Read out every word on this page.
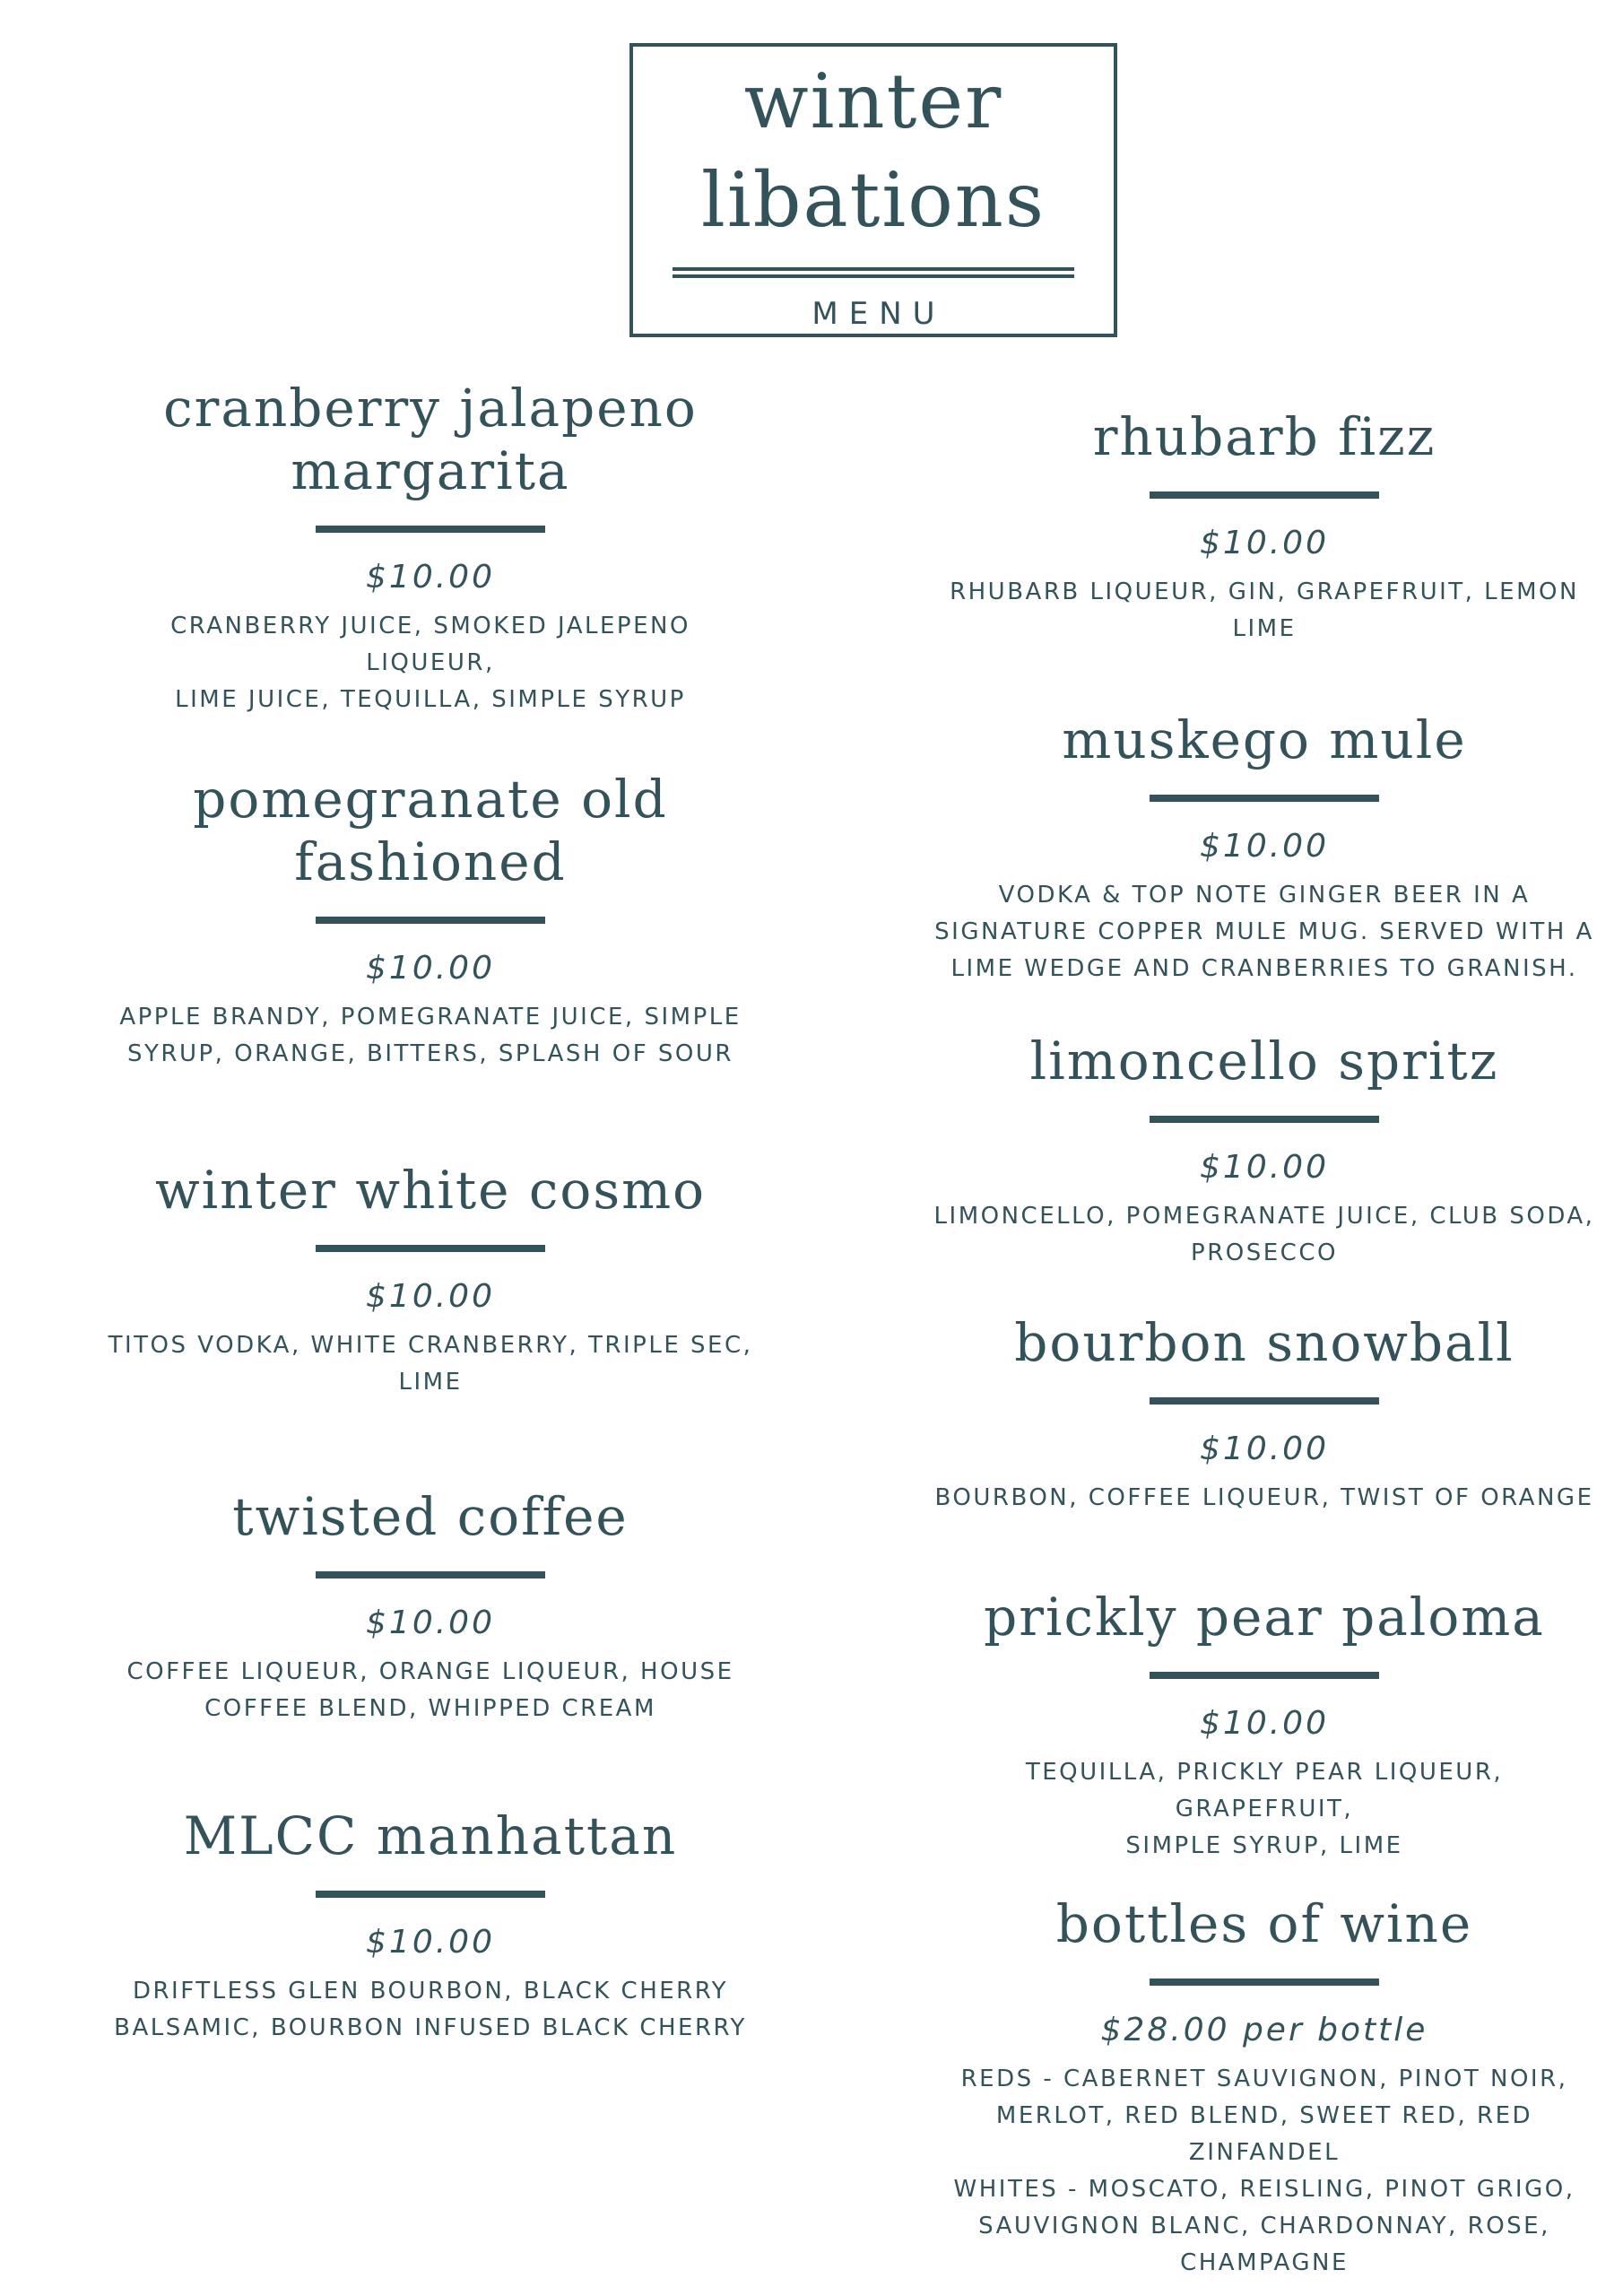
winter
libations
MENU
cranberry jalapeno
margarita
$10.00
CRANBERRY JUICE, SMOKED JALEPENO LIQUEUR,
LIME JUICE, TEQUILLA, SIMPLE SYRUP
pomegranate old
fashioned
$10.00
APPLE BRANDY, POMEGRANATE JUICE, SIMPLE
SYRUP, ORANGE, BITTERS, SPLASH OF SOUR
winter white cosmo
$10.00
TITOS VODKA, WHITE CRANBERRY, TRIPLE SEC,
LIME
twisted coffee
$10.00
COFFEE LIQUEUR, ORANGE LIQUEUR, HOUSE
COFFEE BLEND, WHIPPED CREAM
MLCC manhattan
$10.00
DRIFTLESS GLEN BOURBON, BLACK CHERRY
BALSAMIC, BOURBON INFUSED BLACK CHERRY
rhubarb fizz
$10.00
RHUBARB LIQUEUR, GIN, GRAPEFRUIT, LEMON
LIME
muskego mule
$10.00
VODKA & TOP NOTE GINGER BEER IN A
SIGNATURE COPPER MULE MUG. SERVED WITH A
LIME WEDGE AND CRANBERRIES TO GRANISH.
limoncello spritz
$10.00
LIMONCELLO, POMEGRANATE JUICE, CLUB SODA,
PROSECCO
bourbon snowball
$10.00
BOURBON, COFFEE LIQUEUR, TWIST OF ORANGE
prickly pear paloma
$10.00
TEQUILLA, PRICKLY PEAR LIQUEUR, GRAPEFRUIT,
SIMPLE SYRUP, LIME
bottles of wine
$28.00 per bottle
REDS - CABERNET SAUVIGNON, PINOT NOIR,
MERLOT, RED BLEND, SWEET RED, RED ZINFANDEL
WHITES - MOSCATO, REISLING, PINOT GRIGO,
SAUVIGNON BLANC, CHARDONNAY, ROSE,
CHAMPAGNE
